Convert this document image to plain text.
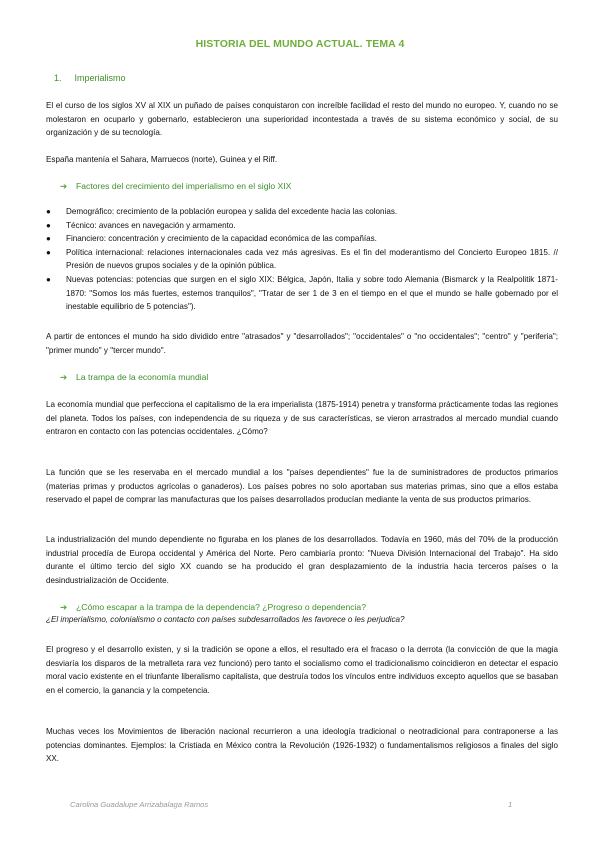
HISTORIA DEL MUNDO ACTUAL. TEMA 4
1. Imperialismo

El el curso de los siglos XV al XIX un puñado de países conquistaron con increíble facilidad el resto del mundo no europeo. Y, cuando no se molestaron en ocuparlo y gobernarlo, establecieron una superioridad incontestada a través de su sistema económico y social, de su organización y de su tecnología.

España mantenía el Sahara, Marruecos (norte), Guinea y el Riff.

➔ Factores del crecimiento del imperialismo en el siglo XIX
● Demográfico: crecimiento de la población europea y salida del excedente hacia las colonias.
● Técnico: avances en navegación y armamento.
● Financiero: concentración y crecimiento de la capacidad económica de las compañías.
● Política internacional: relaciones internacionales cada vez más agresivas. Es el fin del moderantismo del Concierto Europeo 1815. // Presión de nuevos grupos sociales y de la opinión pública.
● Nuevas potencias: potencias que surgen en el siglo XIX: Bélgica, Japón, Italia y sobre todo Alemania (Bismarck y la Realpolitik 1871-1870: "Somos los más fuertes, estemos tranquilos", "Tratar de ser 1 de 3 en el tiempo en el que el mundo se halle gobernado por el inestable equilibrio de 5 potencias").

A partir de entonces el mundo ha sido dividido entre "atrasados" y "desarrollados"; "occidentales" o "no occidentales"; "centro" y "periferia"; "primer mundo" y "tercer mundo".

➔ La trampa de la economía mundial

La economía mundial que perfecciona el capitalismo de la era imperialista (1875-1914) penetra y transforma prácticamente todas las regiones del planeta. Todos los países, con independencia de su riqueza y de sus características, se vieron arrastrados al mercado mundial cuando entraron en contacto con las potencias occidentales. ¿Cómo?

La función que se les reservaba en el mercado mundial a los "países dependientes" fue la de suministradores de productos primarios (materias primas y productos agrícolas o ganaderos). Los países pobres no solo aportaban sus materias primas, sino que a ellos estaba reservado el papel de comprar las manufacturas que los países desarrollados producían mediante la venta de sus productos primarios.

La industrialización del mundo dependiente no figuraba en los planes de los desarrollados. Todavía en 1960, más del 70% de la producción industrial procedía de Europa occidental y América del Norte. Pero cambiaría pronto: "Nueva División Internacional del Trabajo". Ha sido durante el último tercio del siglo XX cuando se ha producido el gran desplazamiento de la industria hacia terceros países o la desindustrialización de Occidente.

➔ ¿Cómo escapar a la trampa de la dependencia? ¿Progreso o dependencia?
¿El imperialismo, colonialismo o contacto con países subdesarrollados les favorece o les perjudica?

El progreso y el desarrollo existen, y si la tradición se opone a ellos, el resultado era el fracaso o la derrota (la convicción de que la magia desviaría los disparos de la metralleta rara vez funcionó) pero tanto el socialismo como el tradicionalismo coincidieron en detectar el espacio moral vacío existente en el triunfante liberalismo capitalista, que destruía todos los vínculos entre individuos excepto aquellos que se basaban en el comercio, la ganancia y la competencia.

Muchas veces los Movimientos de liberación nacional recurrieron a una ideología tradicional o neotradicional para contraponerse a las potencias dominantes. Ejemplos: la Cristiada en México contra la Revolución (1926-1932) o fundamentalismos religiosos a finales del siglo XX.

Carolina Guadalupe Arrizabalaga Ramos	1
